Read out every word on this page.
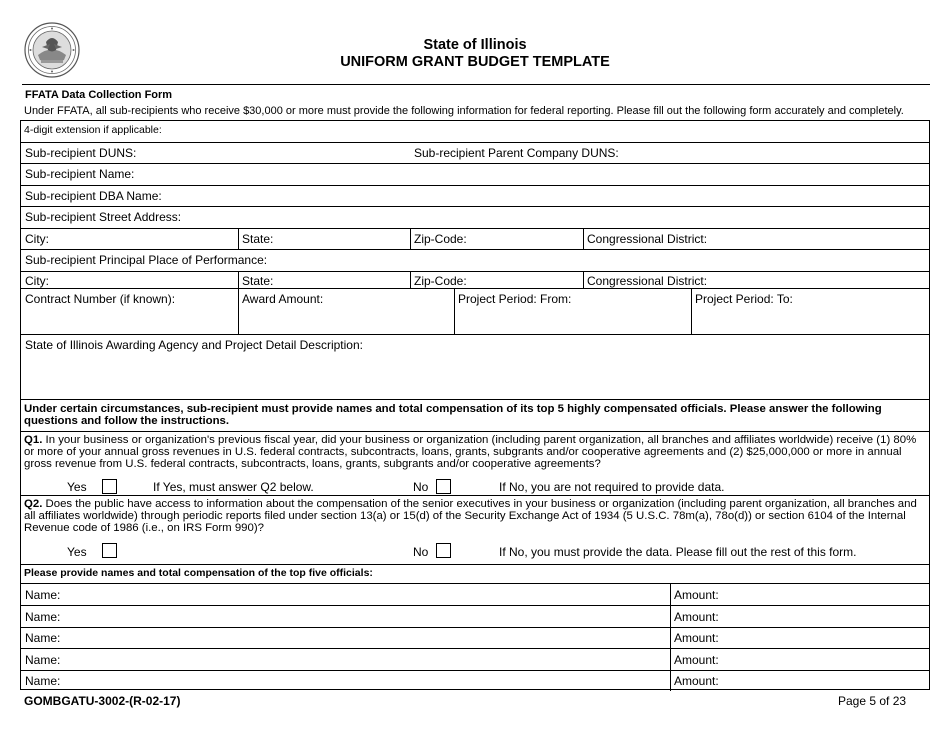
State of Illinois
UNIFORM GRANT BUDGET TEMPLATE
FFATA Data Collection Form
Under FFATA, all sub-recipients who receive $30,000 or more must provide the following information for federal reporting. Please fill out the following form accurately and completely.
4-digit extension if applicable:
Sub-recipient DUNS:	Sub-recipient Parent Company DUNS:
Sub-recipient Name:
Sub-recipient DBA Name:
Sub-recipient Street Address:
City:	State:	Zip-Code:	Congressional District:
Sub-recipient Principal Place of Performance:
City:	State:	Zip-Code:	Congressional District:
Contract Number (if known):	Award Amount:	Project Period: From:	Project Period: To:
State of Illinois Awarding Agency and Project Detail Description:
Under certain circumstances, sub-recipient must provide names and total compensation of its top 5 highly compensated officials. Please answer the following questions and follow the instructions.
Q1. In your business or organization's previous fiscal year, did your business or organization (including parent organization, all branches and affiliates worldwide) receive (1) 80% or more of your annual gross revenues in U.S. federal contracts, subcontracts, loans, grants, subgrants and/or cooperative agreements and (2) $25,000,000 or more in annual gross revenue from U.S. federal contracts, subcontracts, loans, grants, subgrants and/or cooperative agreements?
Yes	If Yes, must answer Q2 below.	No	If No, you are not required to provide data.
Q2. Does the public have access to information about the compensation of the senior executives in your business or organization (including parent organization, all branches and all affiliates worldwide) through periodic reports filed under section 13(a) or 15(d) of the Security Exchange Act of 1934 (5 U.S.C. 78m(a), 78o(d)) or section 6104 of the Internal Revenue code of 1986 (i.e., on IRS Form 990)?
Yes	No	If No, you must provide the data. Please fill out the rest of this form.
Please provide names and total compensation of the top five officials:
Name:	Amount:
Name:	Amount:
Name:	Amount:
Name:	Amount:
Name:	Amount:
GOMBGATU-3002-(R-02-17)	Page 5 of 23
